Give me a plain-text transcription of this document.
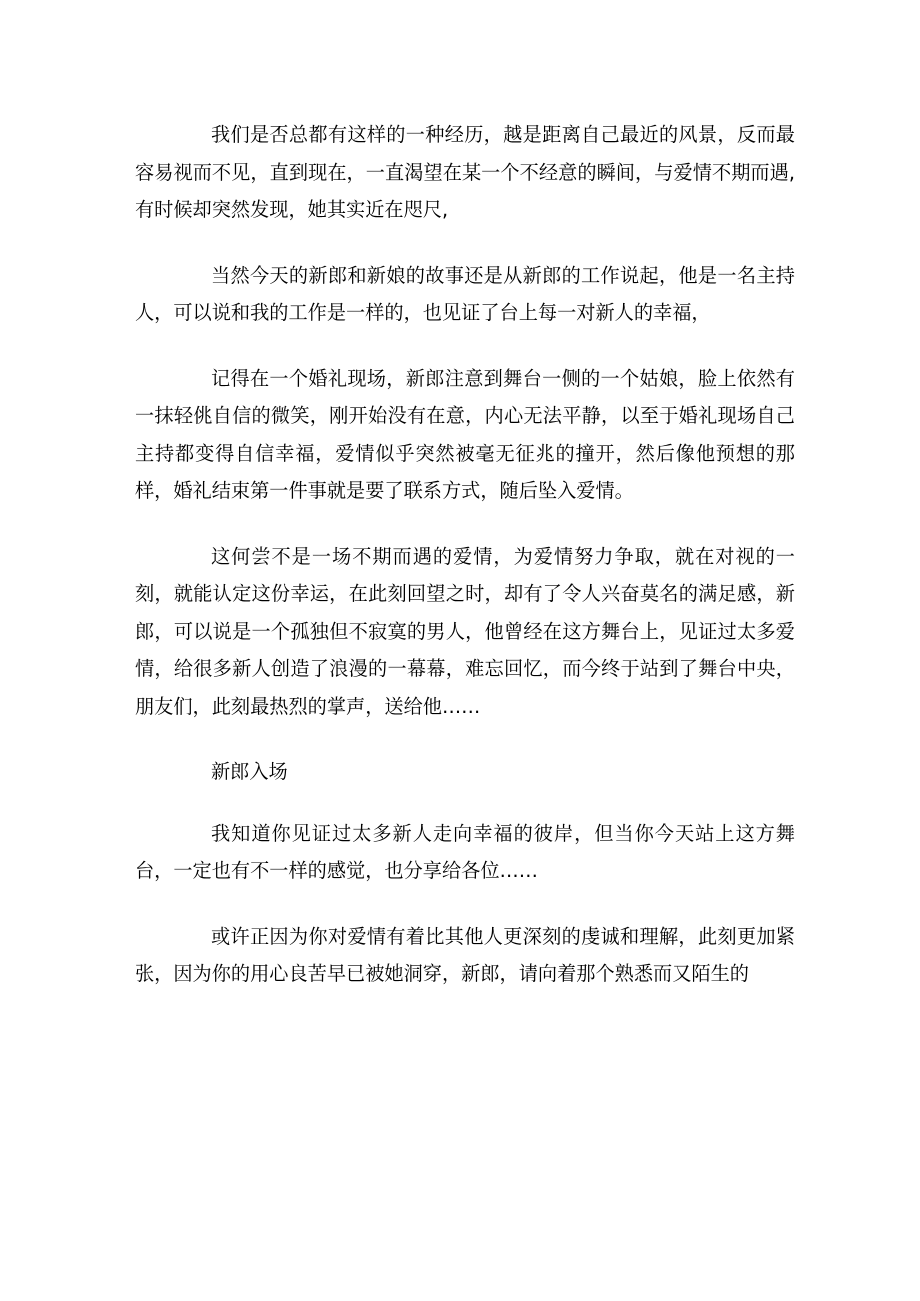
我们是否总都有这样的一种经历，越是距离自己最近的风景，反而最容易视而不见，直到现在，一直渴望在某一个不经意的瞬间，与爱情不期而遇,有时候却突然发现，她其实近在咫尺,

当然今天的新郎和新娘的故事还是从新郎的工作说起，他是一名主持人，可以说和我的工作是一样的，也见证了台上每一对新人的幸福，

记得在一个婚礼现场，新郎注意到舞台一侧的一个姑娘，脸上依然有一抹轻佻自信的微笑，刚开始没有在意，内心无法平静，以至于婚礼现场自己主持都变得自信幸福，爱情似乎突然被毫无征兆的撞开，然后像他预想的那样，婚礼结束第一件事就是要了联系方式，随后坠入爱情。

这何尝不是一场不期而遇的爱情，为爱情努力争取，就在对视的一刻，就能认定这份幸运，在此刻回望之时，却有了令人兴奋莫名的满足感，新郎，可以说是一个孤独但不寂寞的男人，他曾经在这方舞台上，见证过太多爱情，给很多新人创造了浪漫的一幕幕，难忘回忆，而今终于站到了舞台中央，朋友们，此刻最热烈的掌声，送给他……

新郎入场

我知道你见证过太多新人走向幸福的彼岸，但当你今天站上这方舞台，一定也有不一样的感觉，也分享给各位……

或许正因为你对爱情有着比其他人更深刻的虔诚和理解，此刻更加紧张，因为你的用心良苦早已被她洞穿，新郎，请向着那个熟悉而又陌生的
